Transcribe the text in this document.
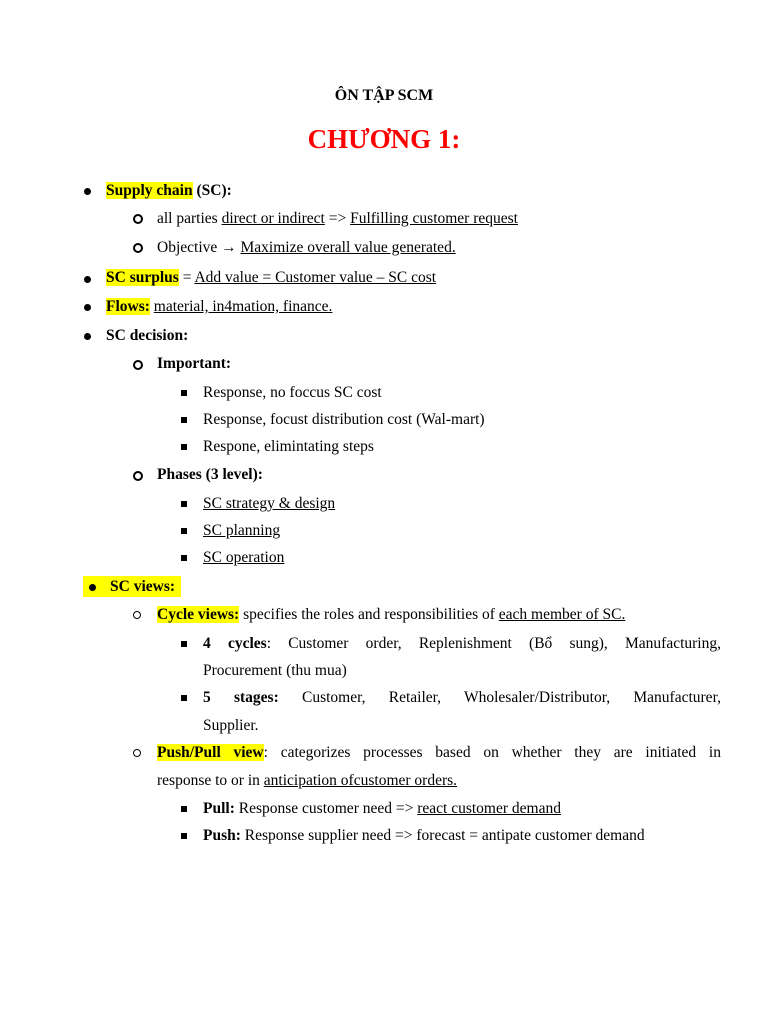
ÔN TẬP SCM
CHƯƠNG 1:
Supply chain (SC):
all parties direct or indirect => Fulfilling customer request
Objective → Maximize overall value generated.
SC surplus = Add value = Customer value – SC cost
Flows: material, in4mation, finance.
SC decision:
Important:
Response, no foccus SC cost
Response, focust distribution cost (Wal-mart)
Respone, elimintating steps
Phases (3 level):
SC strategy & design
SC planning
SC operation
SC views:
Cycle views: specifies the roles and responsibilities of each member of SC.
4 cycles: Customer order, Replenishment (Bổ sung), Manufacturing,
Procurement (thu mua)
5 stages: Customer, Retailer, Wholesaler/Distributor, Manufacturer,
Supplier.
Push/Pull view: categorizes processes based on whether they are initiated in
response to or in anticipation ofcustomer orders.
Pull: Response customer need => react customer demand
Push: Response supplier need => forecast = antipate customer demand
